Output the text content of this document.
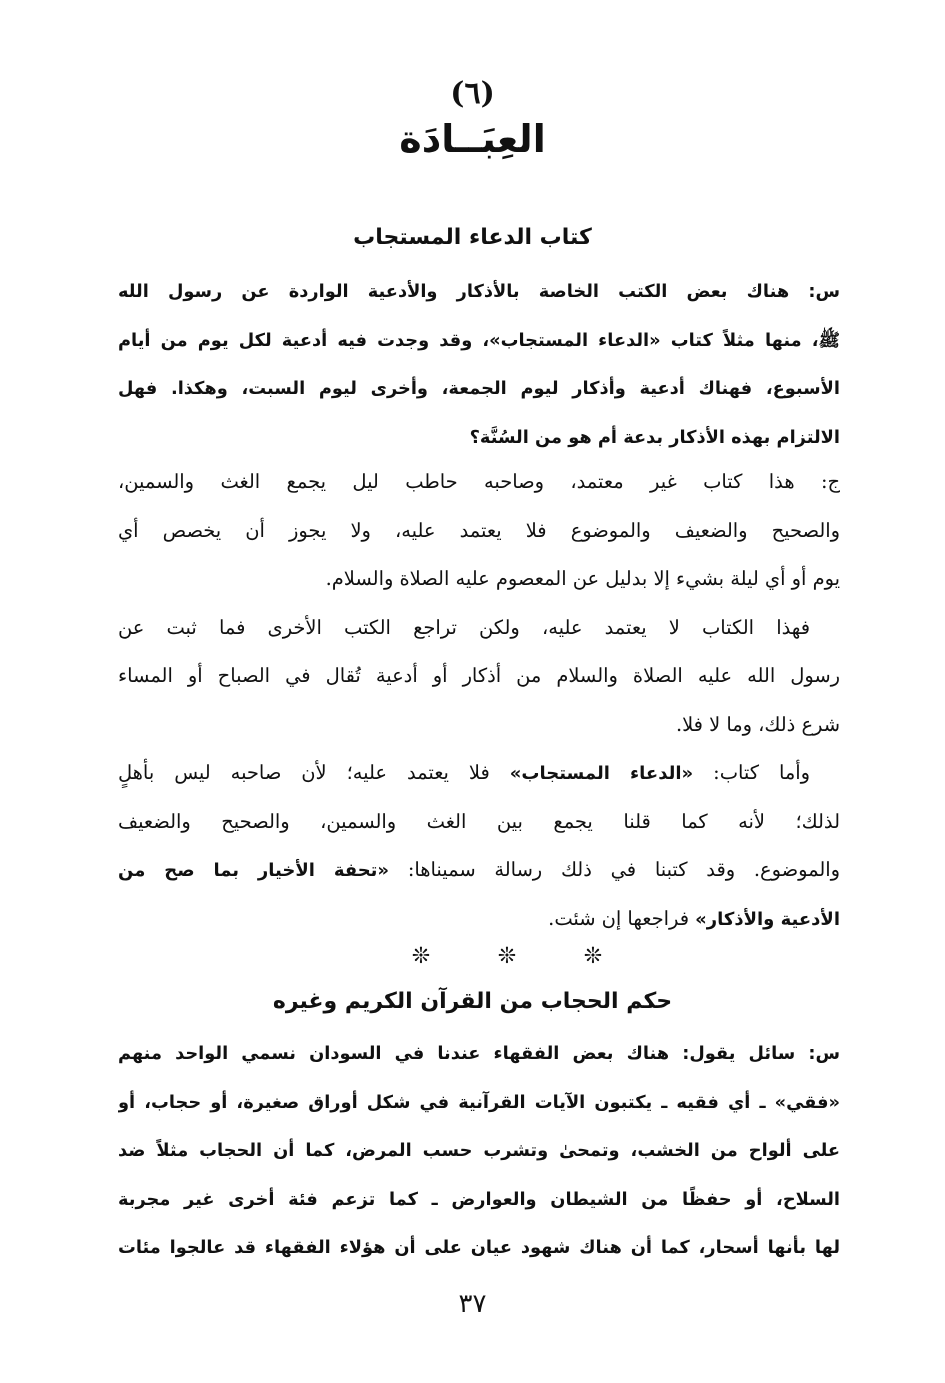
(٦)
العِبَــادَة
كتاب الدعاء المستجاب
س: هناك بعض الكتب الخاصة بالأذكار والأدعية الواردة عن رسول الله
ﷺ، منها مثلاً كتاب «الدعاء المستجاب»، وقد وجدت فيه أدعية لكل يوم من أيام
الأسبوع، فهناك أدعية وأذكار ليوم الجمعة، وأخرى ليوم السبت، وهكذا. فهل
الالتزام بهذه الأذكار بدعة أم هو من السُنَّة؟
ج: هذا كتاب غير معتمد، وصاحبه حاطب ليل يجمع الغث والسمين،
والصحيح والضعيف والموضوع فلا يعتمد عليه، ولا يجوز أن يخصص أي
يوم أو أي ليلة بشيء إلا بدليل عن المعصوم عليه الصلاة والسلام.
فهذا الكتاب لا يعتمد عليه، ولكن تراجع الكتب الأخرى فما ثبت عن
رسول الله عليه الصلاة والسلام من أذكار أو أدعية تُقال في الصباح أو المساء
شرع ذلك، وما لا فلا.
وأما كتاب: «الدعاء المستجاب» فلا يعتمد عليه؛ لأن صاحبه ليس بأهلٍ
لذلك؛ لأنه كما قلنا يجمع بين الغث والسمين، والصحيح والضعيف
والموضوع. وقد كتبنا في ذلك رسالة سميناها: «تحفة الأخيار بما صح من
الأدعية والأذكار» فراجعها إن شئت.
❊
❊
❊
حكم الحجاب من القرآن الكريم وغيره
س: سائل يقول: هناك بعض الفقهاء عندنا في السودان نسمي الواحد منهم
«فقي» ـ أي فقيه ـ يكتبون الآيات القرآنية في شكل أوراق صغيرة، أو حجاب، أو
على ألواح من الخشب، وتمحىٰ وتشرب حسب المرض، كما أن الحجاب مثلاً ضد
السلاح، أو حفظًا من الشيطان والعوارض ـ كما تزعم فئة أخرى غير مجربة
لها بأنها أسحار، كما أن هناك شهود عيان على أن هؤلاء الفقهاء قد عالجوا مئات
٣٧
